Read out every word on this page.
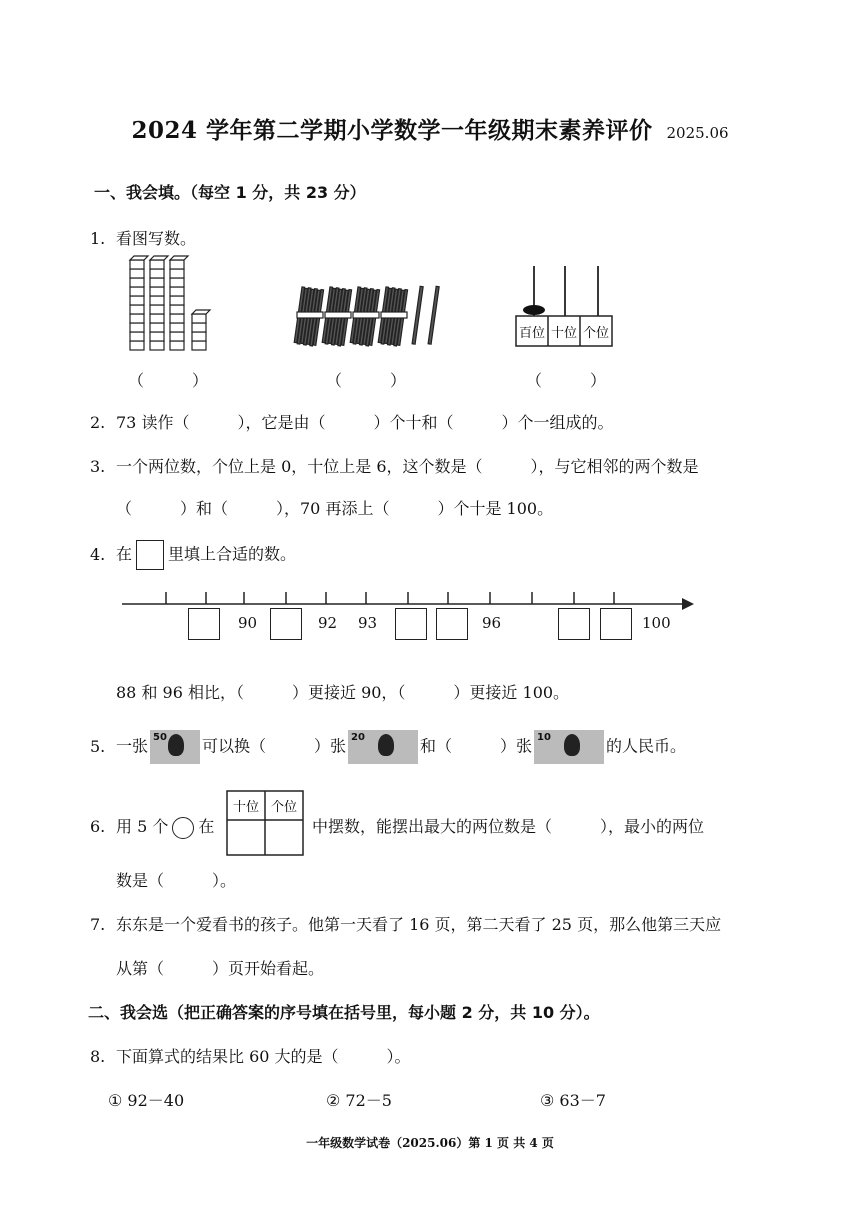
2024 学年第二学期小学数学一年级期末素养评价 2025.06
一、我会填。（每空 1 分，共 23 分）
1. 看图写数。
百位 十位 个位
（　　　）	（　　　）	（　　　）
2. 73 读作（　　　），它是由（　　　）个十和（　　　）个一组成的。
3. 一个两位数，个位上是 0，十位上是 6，这个数是（　　　），与它相邻的两个数是
（　　　）和（　　　），70 再添上（　　　）个十是 100。
4. 在 里填上合适的数。
90	92 93	96	100
88 和 96 相比，（　　　）更接近 90，（　　　）更接近 100。
5. 一张 50 可以换（　　　）张 20	和（　　　）张 10	的人民币。
6. 用 5 个 在
十位 个位
中摆数，能摆出最大的两位数是（　　　），最小的两位
数是（　　　）。
7. 东东是一个爱看书的孩子。他第一天看了 16 页，第二天看了 25 页，那么他第三天应
从第（　　　）页开始看起。
二、我会选（把正确答案的序号填在括号里，每小题 2 分，共 10 分）。
8. 下面算式的结果比 60 大的是（　　　）。
① 92－40	② 72－5	③ 63－7
一年级数学试卷（2025.06）第 1 页 共 4 页
